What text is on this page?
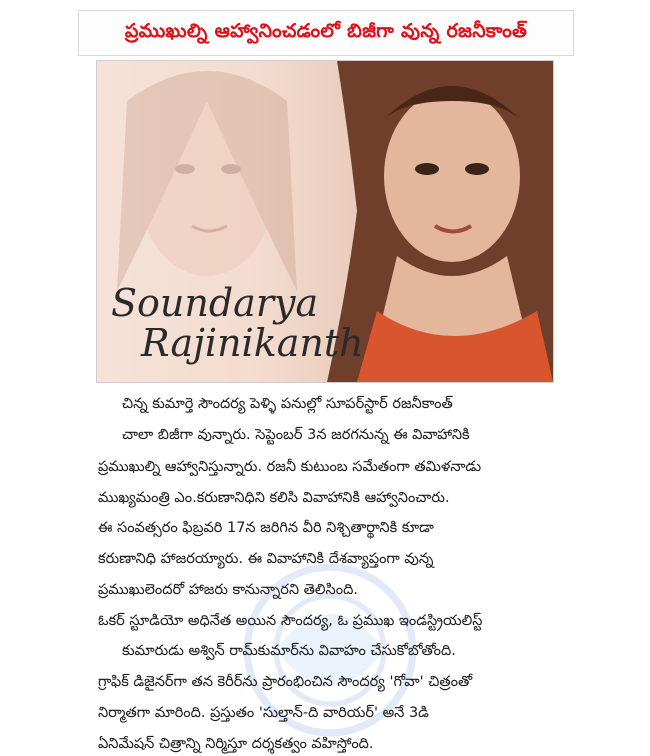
ప్రముఖుల్ని ఆహ్వానించడంలో బిజీగా వున్న రజనీకాంత్
Soundarya
Rajinikanth
చిన్న కుమార్తె సౌందర్య పెళ్ళి పనుల్లో సూపర్‌స్టార్ రజనీకాంత్
చాలా బిజీగా వున్నారు. సెప్టెంబర్ 3న జరగనున్న ఈ వివాహానికి
ప్రముఖుల్ని ఆహ్వానిస్తున్నారు. రజనీ కుటుంబ సమేతంగా తమిళనాడు
ముఖ్యమంత్రి ఎం.కరుణానిధిని కలిసి వివాహానికి ఆహ్వానించారు.
ఈ సంవత్సరం ఫిబ్రవరి 17న జరిగిన వీరి నిశ్చితార్థానికి కూడా
కరుణానిధి హాజరయ్యారు. ఈ వివాహానికి దేశవ్యాప్తంగా వున్న
ప్రముఖులెందరో హాజరు కానున్నారని తెలిసింది.
ఓకర్ స్టూడియో అధినేత అయిన సౌందర్య, ఓ ప్రముఖ ఇండస్ట్రియలిస్ట్
కుమారుడు అశ్విన్ రామ్‌కుమార్‌ను వివాహం చేసుకోబోతోంది.
గ్రాఫిక్ డిజైనర్‌గా తన కెరీర్‌ను ప్రారంభించిన సౌందర్య 'గోవా' చిత్రంతో
నిర్మాతగా మారింది. ప్రస్తుతం 'సుల్తాన్-ది వారియర్' అనే 3డి
ఏనిమేషన్ చిత్రాన్ని నిర్మిస్తూ దర్శకత్వం వహిస్తోంది.
